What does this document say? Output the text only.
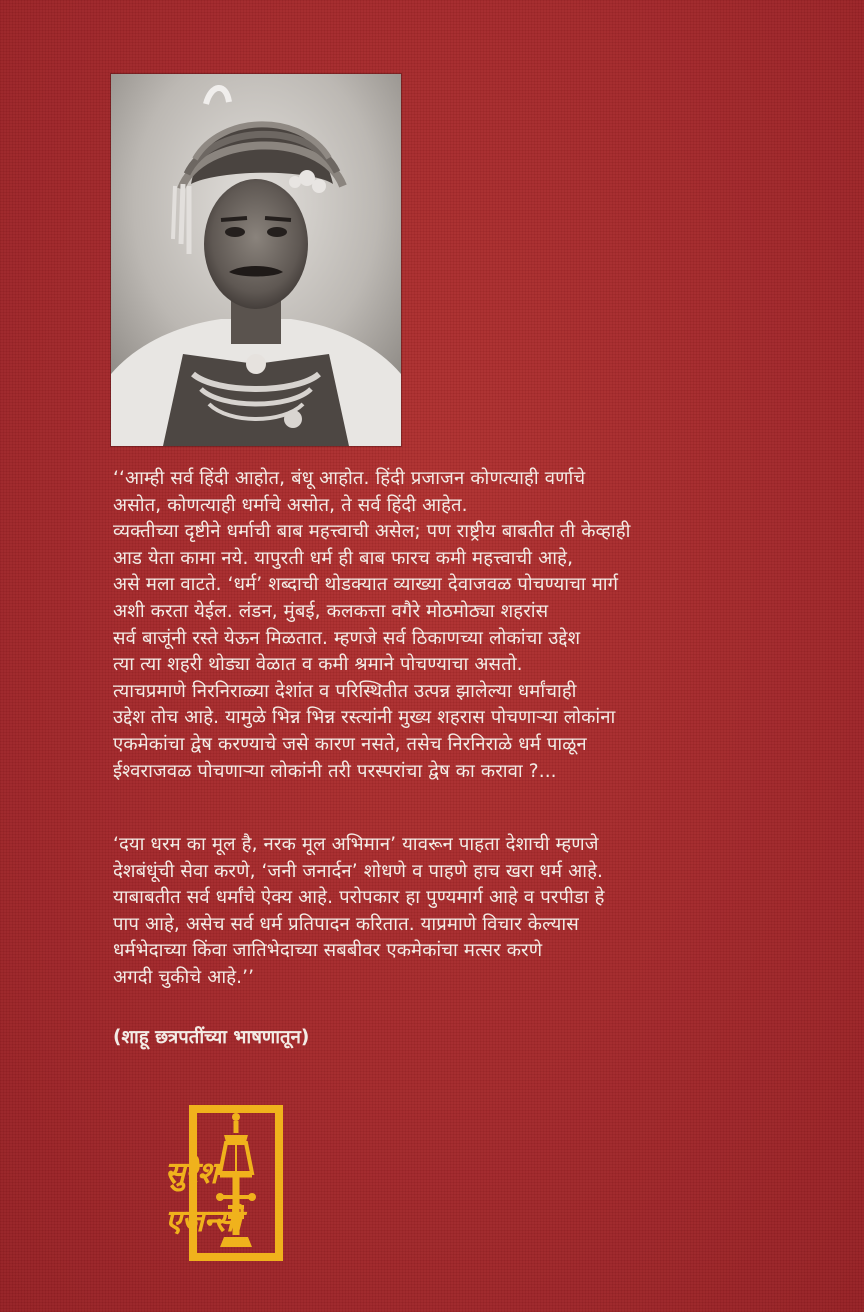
‘‘आम्ही सर्व हिंदी आहोत, बंधू आहोत. हिंदी प्रजाजन कोणत्याही वर्णाचे
असोत, कोणत्याही धर्माचे असोत, ते सर्व हिंदी आहेत.
व्यक्तीच्या दृष्टीने धर्माची बाब महत्त्वाची असेल; पण राष्ट्रीय बाबतीत ती केव्हाही
आड येता कामा नये. यापुरती धर्म ही बाब फारच कमी महत्त्वाची आहे,
असे मला वाटते. ‘धर्म’ शब्दाची थोडक्यात व्याख्या देवाजवळ पोचण्याचा मार्ग
अशी करता येईल. लंडन, मुंबई, कलकत्ता वगैरे मोठमोठ्या शहरांस
सर्व बाजूंनी रस्ते येऊन मिळतात. म्हणजे सर्व ठिकाणच्या लोकांचा उद्देश
त्या त्या शहरी थोड्या वेळात व कमी श्रमाने पोचण्याचा असतो.
त्याचप्रमाणे निरनिराळ्या देशांत व परिस्थितीत उत्पन्न झालेल्या धर्मांचाही
उद्देश तोच आहे. यामुळे भिन्न भिन्न रस्त्यांनी मुख्य शहरास पोचणाऱ्या लोकांना
एकमेकांचा द्वेष करण्याचे जसे कारण नसते, तसेच निरनिराळे धर्म पाळून
ईश्वराजवळ पोचणाऱ्या लोकांनी तरी परस्परांचा द्वेष का करावा ?...
‘दया धरम का मूल है, नरक मूल अभिमान’ यावरून पाहता देशाची म्हणजे
देशबंधूंची सेवा करणे, ‘जनी जनार्दन’ शोधणे व पाहणे हाच खरा धर्म आहे.
याबाबतीत सर्व धर्मांचे ऐक्य आहे. परोपकार हा पुण्यमार्ग आहे व परपीडा हे
पाप आहे, असेच सर्व धर्म प्रतिपादन करितात. याप्रमाणे विचार केल्यास
धर्मभेदाच्या किंवा जातिभेदाच्या सबबीवर एकमेकांचा मत्सर करणे
अगदी चुकीचे आहे.’’
(शाहू छत्रपतींच्या भाषणातून)
सुरेश
एजन्सी
